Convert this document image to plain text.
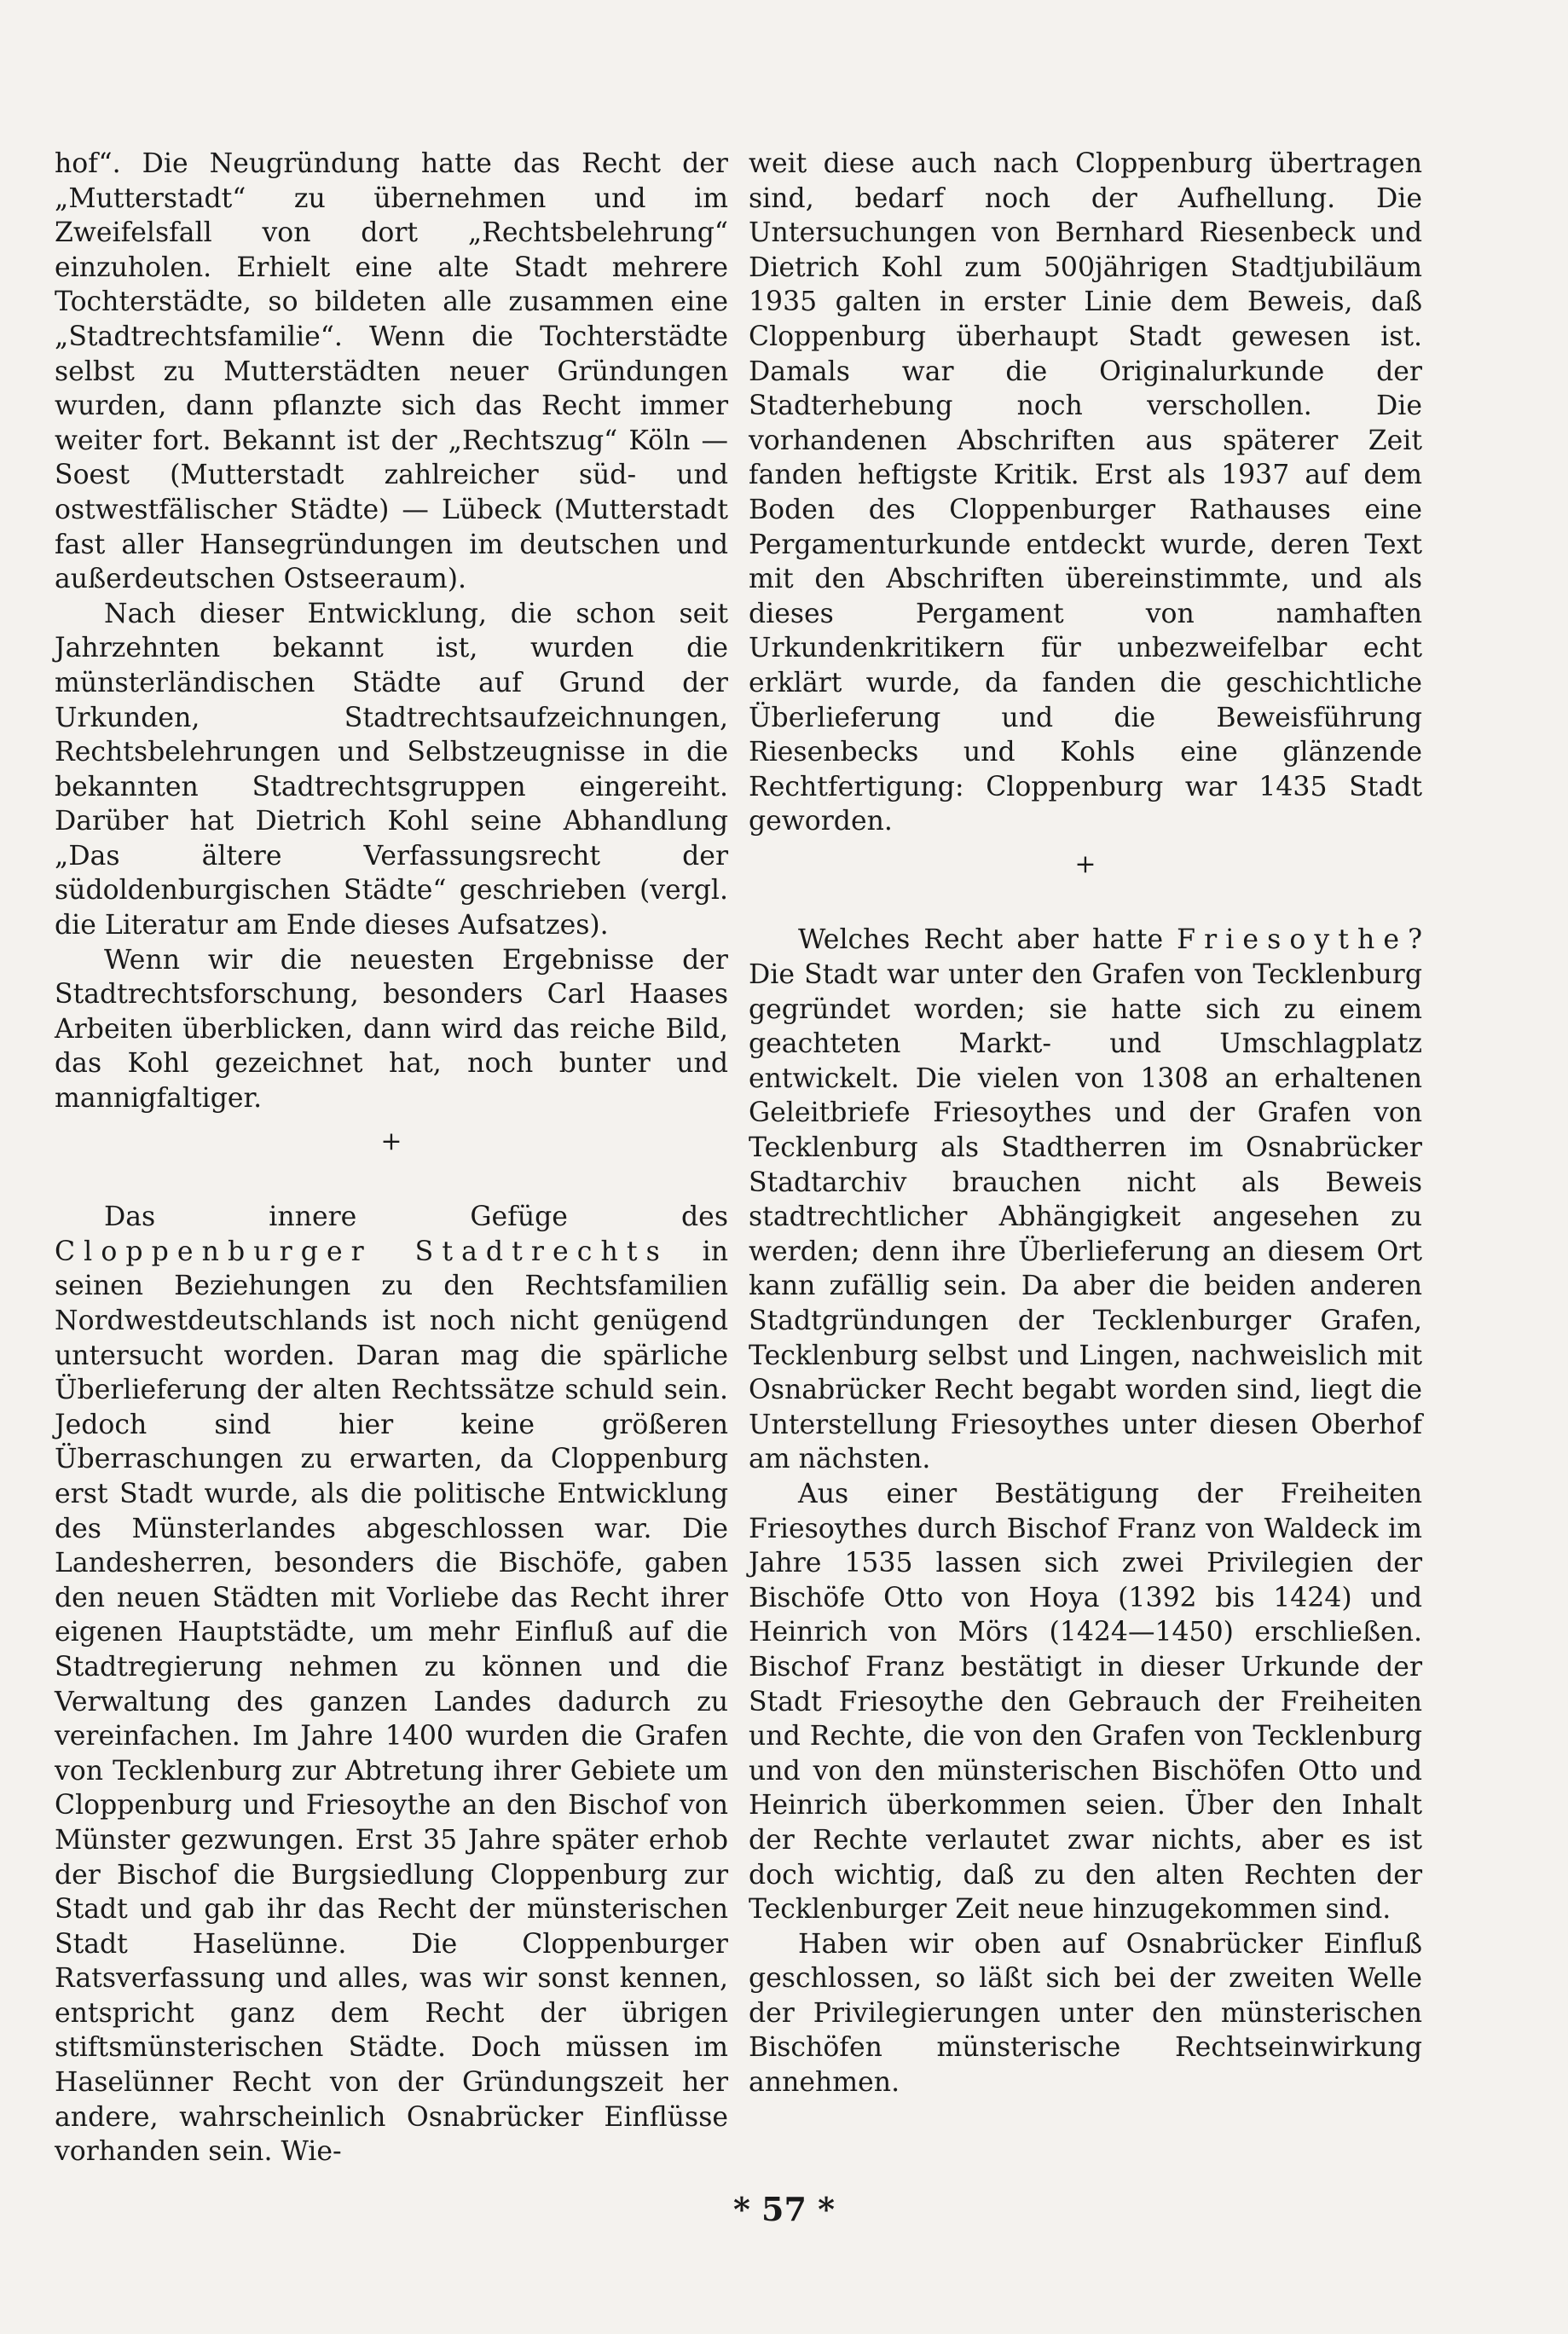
hof“. Die Neugründung hatte das Recht der „Mutterstadt“ zu übernehmen und im Zweifelsfall von dort „Rechtsbelehrung“ einzuholen. Erhielt eine alte Stadt mehrere Tochterstädte, so bildeten alle zusammen eine „Stadtrechtsfamilie“. Wenn die Tochterstädte selbst zu Mutterstädten neuer Gründungen wurden, dann pflanzte sich das Recht immer weiter fort. Bekannt ist der „Rechtszug“ Köln — Soest (Mutterstadt zahlreicher süd- und ostwestfälischer Städte) — Lübeck (Mutterstadt fast aller Hansegründungen im deutschen und außerdeutschen Ostseeraum).

Nach dieser Entwicklung, die schon seit Jahrzehnten bekannt ist, wurden die münsterländischen Städte auf Grund der Urkunden, Stadtrechtsaufzeichnungen, Rechtsbelehrungen und Selbstzeugnisse in die bekannten Stadtrechtsgruppen eingereiht. Darüber hat Dietrich Kohl seine Abhandlung „Das ältere Verfassungsrecht der südoldenburgischen Städte“ geschrieben (vergl. die Literatur am Ende dieses Aufsatzes).

Wenn wir die neuesten Ergebnisse der Stadtrechtsforschung, besonders Carl Haases Arbeiten überblicken, dann wird das reiche Bild, das Kohl gezeichnet hat, noch bunter und mannigfaltiger.

+

Das innere Gefüge des Cloppenburger Stadtrechts in seinen Beziehungen zu den Rechtsfamilien Nordwestdeutschlands ist noch nicht genügend untersucht worden. Daran mag die spärliche Überlieferung der alten Rechtssätze schuld sein. Jedoch sind hier keine größeren Überraschungen zu erwarten, da Cloppenburg erst Stadt wurde, als die politische Entwicklung des Münsterlandes abgeschlossen war. Die Landesherren, besonders die Bischöfe, gaben den neuen Städten mit Vorliebe das Recht ihrer eigenen Hauptstädte, um mehr Einfluß auf die Stadtregierung nehmen zu können und die Verwaltung des ganzen Landes dadurch zu vereinfachen. Im Jahre 1400 wurden die Grafen von Tecklenburg zur Abtretung ihrer Gebiete um Cloppenburg und Friesoythe an den Bischof von Münster gezwungen. Erst 35 Jahre später erhob der Bischof die Burgsiedlung Cloppenburg zur Stadt und gab ihr das Recht der münsterischen Stadt Haselünne. Die Cloppenburger Ratsverfassung und alles, was wir sonst kennen, entspricht ganz dem Recht der übrigen stiftsmünsterischen Städte. Doch müssen im Haselünner Recht von der Gründungszeit her andere, wahrscheinlich Osnabrücker Einflüsse vorhanden sein. Wie-

weit diese auch nach Cloppenburg übertragen sind, bedarf noch der Aufhellung. Die Untersuchungen von Bernhard Riesenbeck und Dietrich Kohl zum 500jährigen Stadtjubiläum 1935 galten in erster Linie dem Beweis, daß Cloppenburg überhaupt Stadt gewesen ist. Damals war die Originalurkunde der Stadterhebung noch verschollen. Die vorhandenen Abschriften aus späterer Zeit fanden heftigste Kritik. Erst als 1937 auf dem Boden des Cloppenburger Rathauses eine Pergamenturkunde entdeckt wurde, deren Text mit den Abschriften übereinstimmte, und als dieses Pergament von namhaften Urkundenkritikern für unbezweifelbar echt erklärt wurde, da fanden die geschichtliche Überlieferung und die Beweisführung Riesenbecks und Kohls eine glänzende Rechtfertigung: Cloppenburg war 1435 Stadt geworden.

+

Welches Recht aber hatte Friesoythe? Die Stadt war unter den Grafen von Tecklenburg gegründet worden; sie hatte sich zu einem geachteten Markt- und Umschlagplatz entwickelt. Die vielen von 1308 an erhaltenen Geleitbriefe Friesoythes und der Grafen von Tecklenburg als Stadtherren im Osnabrücker Stadtarchiv brauchen nicht als Beweis stadtrechtlicher Abhängigkeit angesehen zu werden; denn ihre Überlieferung an diesem Ort kann zufällig sein. Da aber die beiden anderen Stadtgründungen der Tecklenburger Grafen, Tecklenburg selbst und Lingen, nachweislich mit Osnabrücker Recht begabt worden sind, liegt die Unterstellung Friesoythes unter diesen Oberhof am nächsten.

Aus einer Bestätigung der Freiheiten Friesoythes durch Bischof Franz von Waldeck im Jahre 1535 lassen sich zwei Privilegien der Bischöfe Otto von Hoya (1392 bis 1424) und Heinrich von Mörs (1424—1450) erschließen. Bischof Franz bestätigt in dieser Urkunde der Stadt Friesoythe den Gebrauch der Freiheiten und Rechte, die von den Grafen von Tecklenburg und von den münsterischen Bischöfen Otto und Heinrich überkommen seien. Über den Inhalt der Rechte verlautet zwar nichts, aber es ist doch wichtig, daß zu den alten Rechten der Tecklenburger Zeit neue hinzugekommen sind.

Haben wir oben auf Osnabrücker Einfluß geschlossen, so läßt sich bei der zweiten Welle der Privilegierungen unter den münsterischen Bischöfen münsterische Rechtseinwirkung annehmen.

* 57 *
